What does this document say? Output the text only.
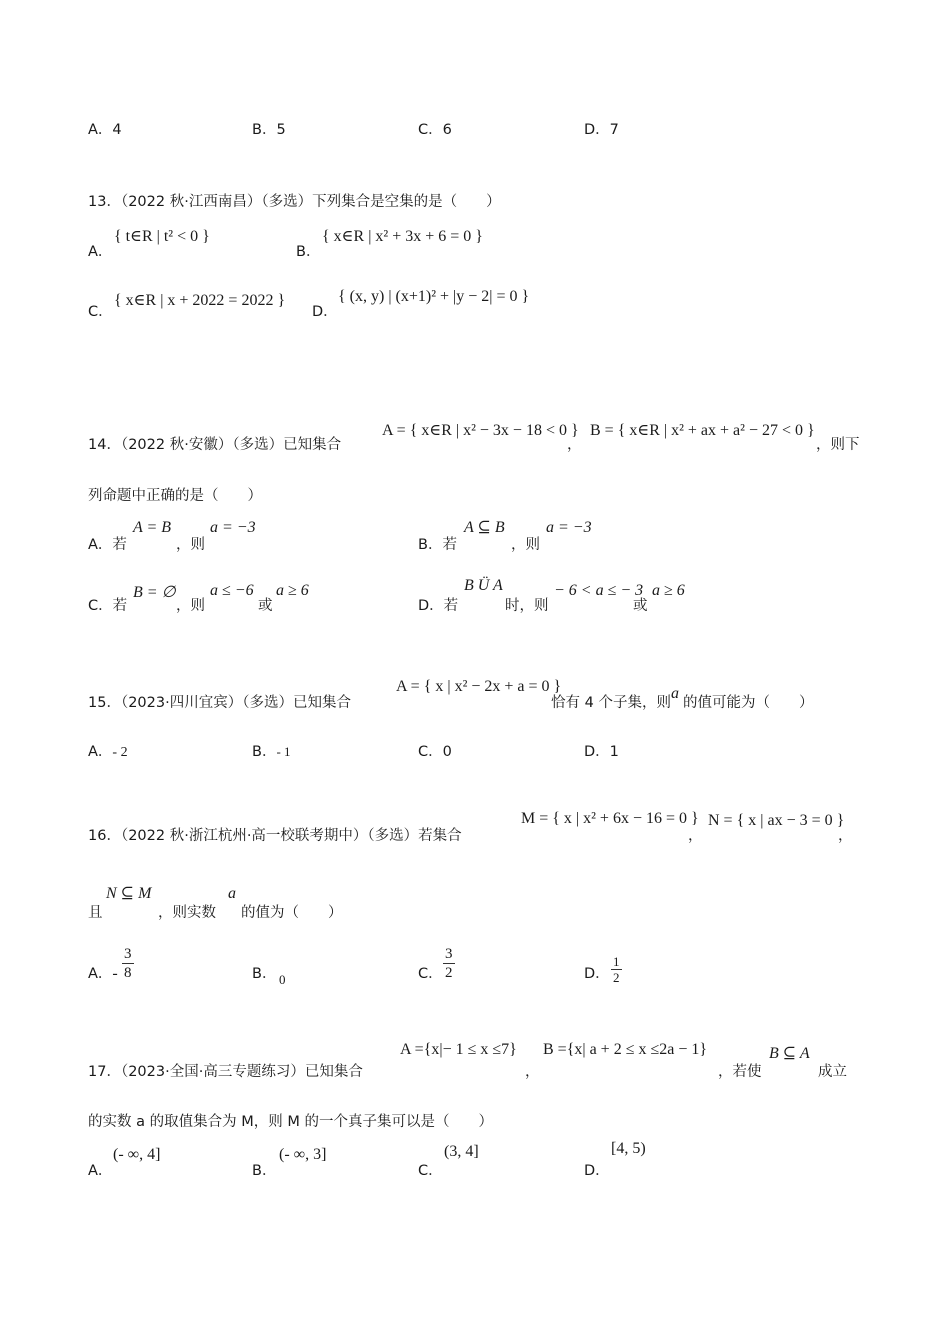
A．4	B．5	C．6	D．7
13．（2022 秋·江西南昌）（多选）下列集合是空集的是（　　）
A．
{ t∈R | t² < 0 }
B．
{ x∈R | x² + 3x + 6 = 0 }
C．
{ x∈R | x + 2022 = 2022 }
D．
{ (x, y) | (x+1)² + |y − 2| = 0 }
14．（2022 秋·安徽）（多选）已知集合
A = { x∈R | x² − 3x − 18 < 0 }
，
B = { x∈R | x² + ax + a² − 27 < 0 }
，则下
列命题中正确的是（　　）
A．若
A = B
，则
a = −3
B．若
A ⊆ B
，则
a = −3
C．若
B = ∅
，则
a ≤ −6
或
a ≥ 6
D．若
B Ü A
时，则
− 6 < a ≤ − 3
或
a ≥ 6
15．（2023·四川宜宾）（多选）已知集合
A = { x | x² − 2x + a = 0 }
恰有 4 个子集，则
a
的值可能为（　　）
A．- 2	B．- 1	C．0	D．1
16．（2022 秋·浙江杭州·高一校联考期中）（多选）若集合
M = { x | x² + 6x − 16 = 0 }
，
N = { x | ax − 3 = 0 }
，
且
N ⊆ M
，则实数
a
的值为（　　）
A．- $\frac{3}{8}$	B． 0	C． $\frac{3}{2}$	D． $\frac{1}{2}$
17．（2023·全国·高三专题练习）已知集合
A ={x|− 1 ≤ x ≤7}
，
B ={x| a + 2 ≤ x ≤2a − 1}
，若使
B ⊆ A
成立
的实数 a 的取值集合为 M，则 M 的一个真子集可以是（　　）
A．
(- ∞, 4]
B．
(- ∞, 3]
C．
(3, 4]
D．
[4, 5)
